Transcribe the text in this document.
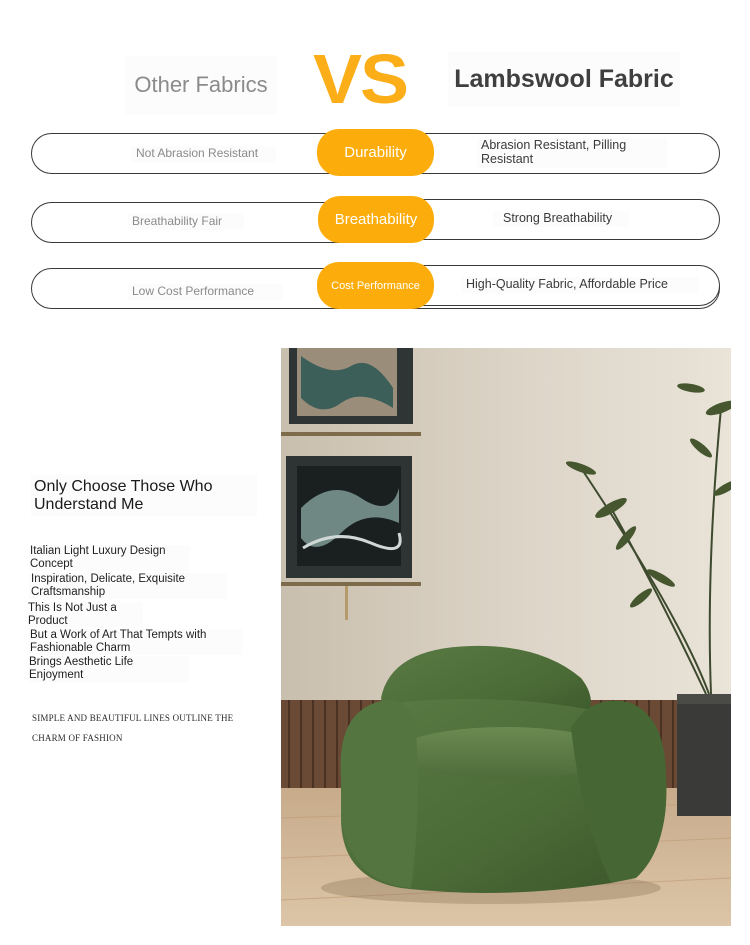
Other Fabrics VS Lambswool Fabric
Not Abrasion Resistant	Durability	Abrasion Resistant, Pilling Resistant
Breathability Fair	Breathability	Strong Breathability
Low Cost Performance	Cost Performance	High-Quality Fabric, Affordable Price
Only Choose Those Who Understand Me
Italian Light Luxury Design Concept
Inspiration, Delicate, Exquisite Craftsmanship
This Is Not Just a Product
But a Work of Art That Tempts with Fashionable Charm
Brings Aesthetic Life Enjoyment
SIMPLE AND BEAUTIFUL LINES OUTLINE THE CHARM OF FASHION
